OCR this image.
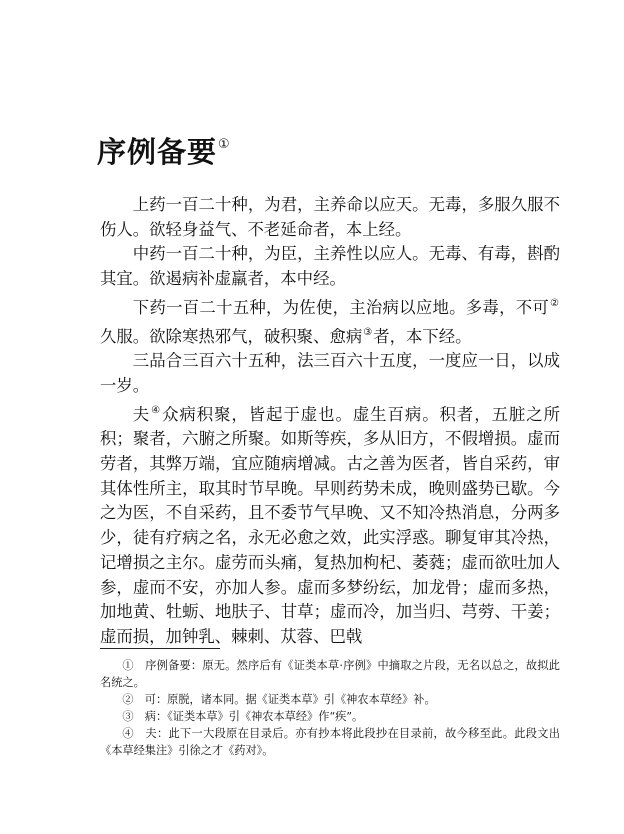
序例备要①

上药一百二十种，为君，主养命以应天。无毒，多服久服不伤人。欲轻身益气、不老延命者，本上经。

中药一百二十种，为臣，主养性以应人。无毒、有毒，斟酌其宜。欲遏病补虚羸者，本中经。

下药一百二十五种，为佐使，主治病以应地。多毒，不可②久服。欲除寒热邪气，破积聚、愈病③者，本下经。

三品合三百六十五种，法三百六十五度，一度应一日，以成一岁。

夫④众病积聚，皆起于虚也。虚生百病。积者，五脏之所积；聚者，六腑之所聚。如斯等疾，多从旧方，不假增损。虚而劳者，其弊万端，宜应随病增减。古之善为医者，皆自采药，审其体性所主，取其时节早晚。早则药势未成，晚则盛势已歇。今之为医，不自采药，且不委节气早晚、又不知冷热消息，分两多少，徒有疗病之名，永无必愈之效，此实浮惑。聊复审其冷热，记增损之主尔。虚劳而头痛，复热加枸杞、萎蕤；虚而欲吐加人参，虚而不安，亦加人参。虚而多梦纷纭，加龙骨；虚而多热，加地黄、牡蛎、地肤子、甘草；虚而冷，加当归、芎䓖、干姜；虚而损，加钟乳、棘刺、苁蓉、巴戟

①　 序例备要：原无。然序后有《证类本草·序例》中摘取之片段，无名以总之，故拟此名统之。

②　 可：原脱，诸本同。据《证类本草》引《神农本草经》补。

③　 病：《证类本草》引《神农本草经》作“疾”。

④　 夫：此下一大段原在目录后。亦有抄本将此段抄在目录前，故今移至此。此段文出《本草经集注》引徐之才《药对》。
